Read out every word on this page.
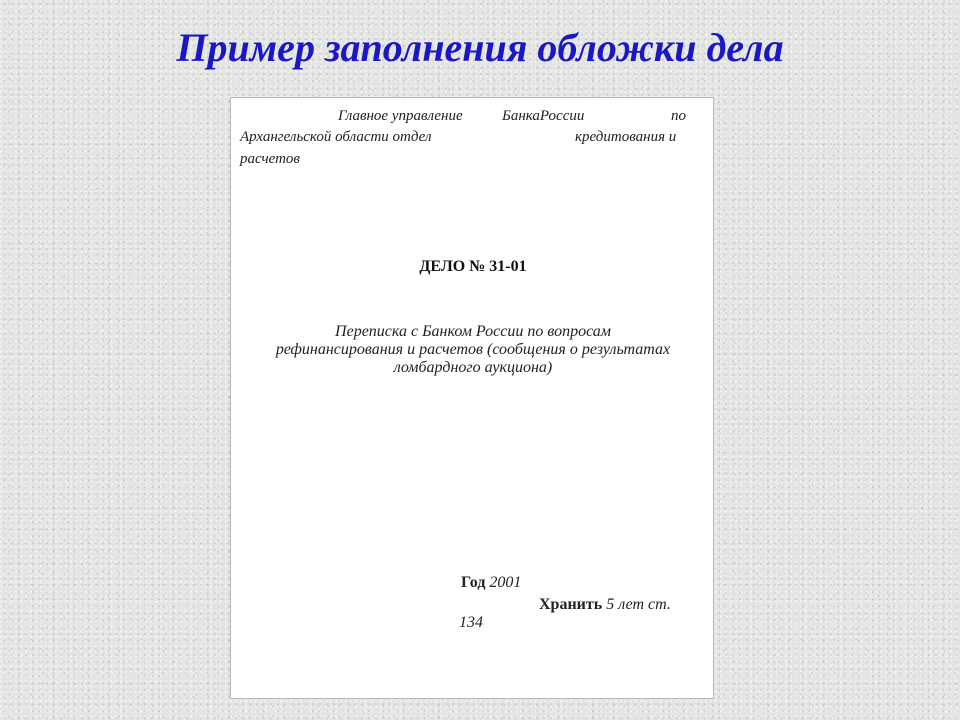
Пример заполнения обложки дела
Главное управление	БанкаРоссии	по
Архангельской области отдел	кредитования и
расчетов
ДЕЛО № 31-01
Переписка с Банком России по вопросам
рефинансирования и расчетов (сообщения о результатах
ломбардного аукциона)
Год 2001
Хранить 5 лет ст.
134
